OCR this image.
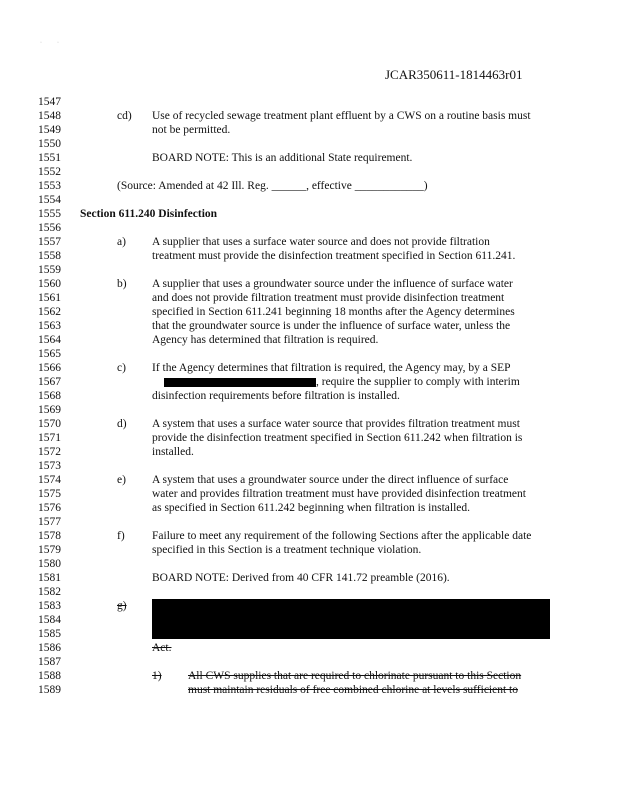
·          ·
JCAR350611-1814463r01
1547
1548
1549
1550
1551
1552
1553
1554
1555
1556
1557
1558
1559
1560
1561
1562
1563
1564
1565
1566
1567
1568
1569
1570
1571
1572
1573
1574
1575
1576
1577
1578
1579
1580
1581
1582
1583
1584
1585
1586
1587
1588
1589
cd) Use of recycled sewage treatment plant effluent by a CWS on a routine basis must
not be permitted.
BOARD NOTE: This is an additional State requirement.
(Source: Amended at 42 Ill. Reg. ______, effective ____________)
Section 611.240 Disinfection
a) A supplier that uses a surface water source and does not provide filtration
treatment must provide the disinfection treatment specified in Section 611.241.
b) A supplier that uses a groundwater source under the influence of surface water
and does not provide filtration treatment must provide disinfection treatment
specified in Section 611.241 beginning 18 months after the Agency determines
that the groundwater source is under the influence of surface water, unless the
Agency has determined that filtration is required.
c) If the Agency determines that filtration is required, the Agency may, by a SEP
, require the supplier to comply with interim
disinfection requirements before filtration is installed.
d) A system that uses a surface water source that provides filtration treatment must
provide the disinfection treatment specified in Section 611.242 when filtration is
installed.
e) A system that uses a groundwater source under the direct influence of surface
water and provides filtration treatment must have provided disinfection treatment
as specified in Section 611.242 beginning when filtration is installed.
f) Failure to meet any requirement of the following Sections after the applicable date
specified in this Section is a treatment technique violation.
BOARD NOTE: Derived from 40 CFR 141.72 preamble (2016).
g)
Act.
1) All CWS supplies that are required to chlorinate pursuant to this Section
must maintain residuals of free combined chlorine at levels sufficient to
